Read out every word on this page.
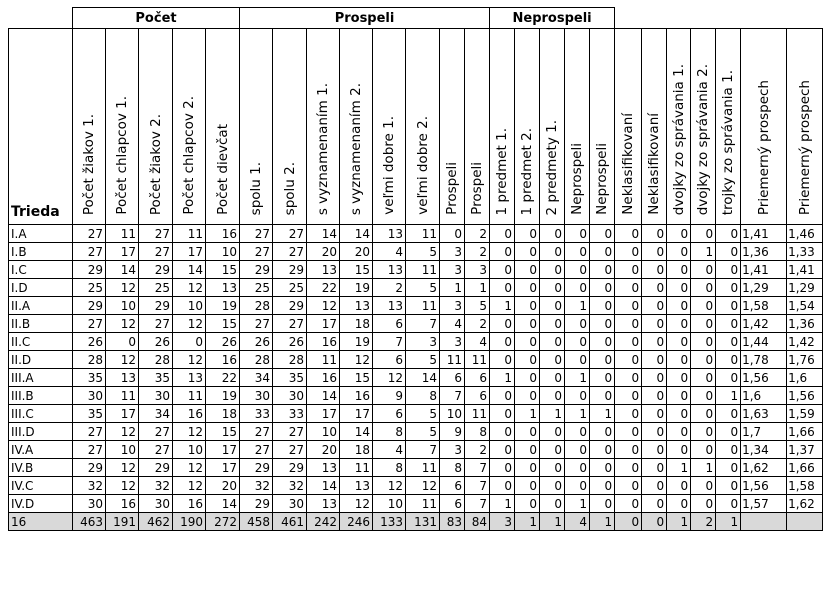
	Počet					Prospeli								Neprospeli											
Trieda	Počet žiakov 1.	Počet chlapcov 1.	Počet žiakov 2.	Počet chlapcov 2.	Počet dievčat	spolu 1.	spolu 2.	s vyznamenaním 1.	s vyznamenaním 2.	veľmi dobre 1.	veľmi dobre 2.	Prospeli	Prospeli	1 predmet 1.	1 predmet 2.	2 predmety 1.	Neprospeli	Neprospeli	Neklasifikovaní	Neklasifikovaní	dvojky zo správania 1.	dvojky zo správania 2.	trojky zo správania 1.	Priemerný prospech	Priemerný prospech
I.A	27	11	27	11	16	27	27	14	14	13	11	0	2	0	0	0	0	0	0	0	0	0	0	1,41	1,46
I.B	27	17	27	17	10	27	27	20	20	4	5	3	2	0	0	0	0	0	0	0	0	1	0	1,36	1,33
I.C	29	14	29	14	15	29	29	13	15	13	11	3	3	0	0	0	0	0	0	0	0	0	0	1,41	1,41
I.D	25	12	25	12	13	25	25	22	19	2	5	1	1	0	0	0	0	0	0	0	0	0	0	1,29	1,29
II.A	29	10	29	10	19	28	29	12	13	13	11	3	5	1	0	0	1	0	0	0	0	0	0	1,58	1,54
II.B	27	12	27	12	15	27	27	17	18	6	7	4	2	0	0	0	0	0	0	0	0	0	0	1,42	1,36
II.C	26	0	26	0	26	26	26	16	19	7	3	3	4	0	0	0	0	0	0	0	0	0	0	1,44	1,42
II.D	28	12	28	12	16	28	28	11	12	6	5	11	11	0	0	0	0	0	0	0	0	0	0	1,78	1,76
III.A	35	13	35	13	22	34	35	16	15	12	14	6	6	1	0	0	1	0	0	0	0	0	0	1,56	1,6
III.B	30	11	30	11	19	30	30	14	16	9	8	7	6	0	0	0	0	0	0	0	0	0	1	1,6	1,56
III.C	35	17	34	16	18	33	33	17	17	6	5	10	11	0	1	1	1	1	0	0	0	0	0	1,63	1,59
III.D	27	12	27	12	15	27	27	10	14	8	5	9	8	0	0	0	0	0	0	0	0	0	0	1,7	1,66
IV.A	27	10	27	10	17	27	27	20	18	4	7	3	2	0	0	0	0	0	0	0	0	0	0	1,34	1,37
IV.B	29	12	29	12	17	29	29	13	11	8	11	8	7	0	0	0	0	0	0	0	1	1	0	1,62	1,66
IV.C	32	12	32	12	20	32	32	14	13	12	12	6	7	0	0	0	0	0	0	0	0	0	0	1,56	1,58
IV.D	30	16	30	16	14	29	30	13	12	10	11	6	7	1	0	0	1	0	0	0	0	0	0	1,57	1,62
16	463	191	462	190	272	458	461	242	246	133	131	83	84	3	1	1	4	1	0	0	1	2	1		
